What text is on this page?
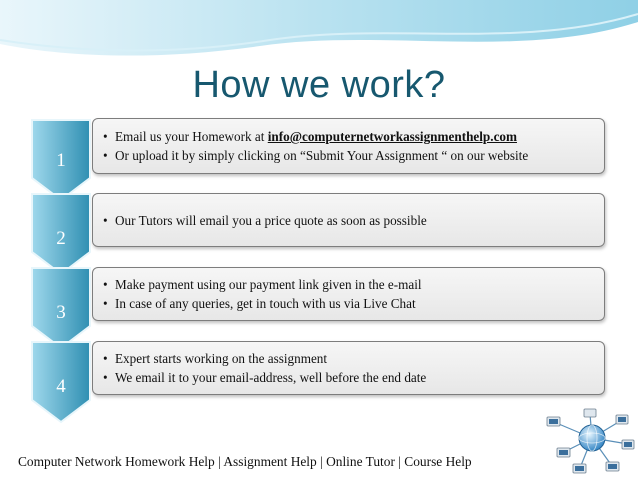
How we work?
1
• Email us your Homework at info@computernetworkassignmenthelp.com
• Or upload it by simply clicking on “Submit Your Assignment “ on our website
2
• Our Tutors will email you a price quote as soon as possible
3
• Make payment using our payment link given in the e-mail
• In case of any queries, get in touch with us via Live Chat
4
• Expert starts working on the assignment
• We email it to your email-address, well before the end date
Computer Network Homework Help | Assignment Help | Online Tutor | Course Help
